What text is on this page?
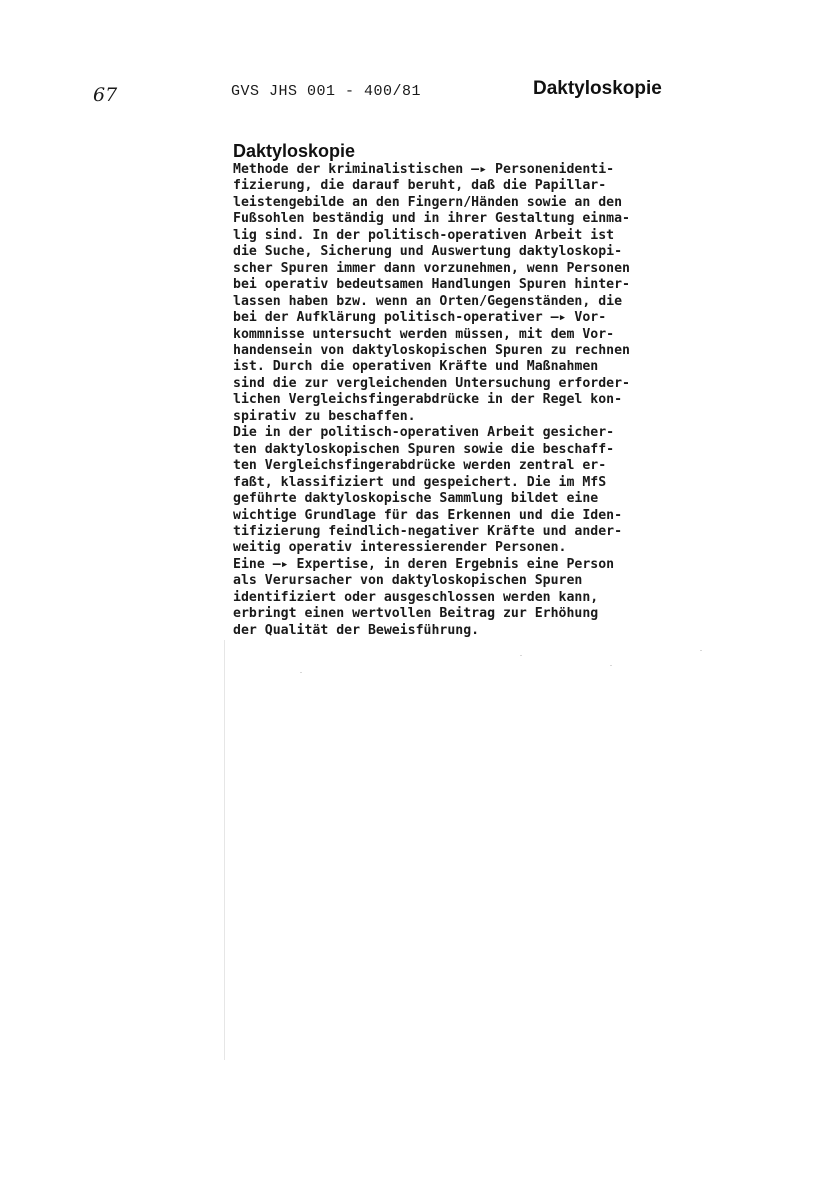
67	GVS JHS 001 - 400/81	Daktyloskopie
Daktyloskopie
Methode der kriminalistischen —▸ Personenidenti-
fizierung, die darauf beruht, daß die Papillar-
leistengebilde an den Fingern/Händen sowie an den
Fußsohlen beständig und in ihrer Gestaltung einma-
lig sind. In der politisch-operativen Arbeit ist
die Suche, Sicherung und Auswertung daktyloskopi-
scher Spuren immer dann vorzunehmen, wenn Personen
bei operativ bedeutsamen Handlungen Spuren hinter-
lassen haben bzw. wenn an Orten/Gegenständen, die
bei der Aufklärung politisch-operativer —▸ Vor-
kommnisse untersucht werden müssen, mit dem Vor-
handensein von daktyloskopischen Spuren zu rechnen
ist. Durch die operativen Kräfte und Maßnahmen
sind die zur vergleichenden Untersuchung erforder-
lichen Vergleichsfingerabdrücke in der Regel kon-
spirativ zu beschaffen.
Die in der politisch-operativen Arbeit gesicher-
ten daktyloskopischen Spuren sowie die beschaff-
ten Vergleichsfingerabdrücke werden zentral er-
faßt, klassifiziert und gespeichert. Die im MfS
geführte daktyloskopische Sammlung bildet eine
wichtige Grundlage für das Erkennen und die Iden-
tifizierung feindlich-negativer Kräfte und ander-
weitig operativ interessierender Personen.
Eine —▸ Expertise, in deren Ergebnis eine Person
als Verursacher von daktyloskopischen Spuren
identifiziert oder ausgeschlossen werden kann,
erbringt einen wertvollen Beitrag zur Erhöhung
der Qualität der Beweisführung.
